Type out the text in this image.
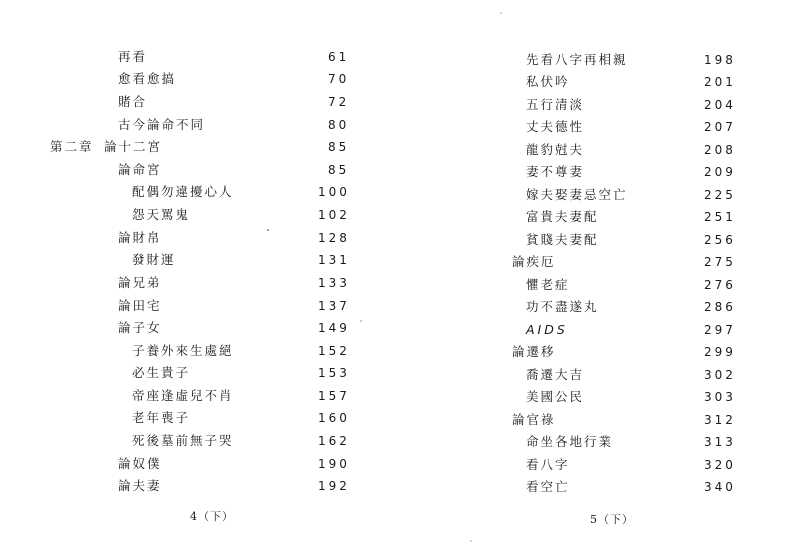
再看	61
愈看愈搞	70
賭合	72
古今論命不同	80
第二章 論十二宮	85
論命宮	85
配偶勿違擾心人	100
怨天罵鬼	102
論財帛	128
發財運	131
論兄弟	133
論田宅	137
論子女	149
子養外來生處絕	152
必生貴子	153
帝座逢虛兒不肖	157
老年喪子	160
死後墓前無子哭	162
論奴僕	190
論夫妻	192
4（下）
先看八字再相親	198
私伏吟	201
五行清淡	204
丈夫德性	207
龍豹尅夫	208
妻不尊妻	209
嫁夫娶妻忌空亡	225
富貴夫妻配	251
貧賤夫妻配	256
論疾厄	275
懼老症	276
功不盡遂丸	286
AIDS	297
論遷移	299
喬遷大吉	302
美國公民	303
論官祿	312
命坐各地行業	313
看八字	320
看空亡	340
5（下）
